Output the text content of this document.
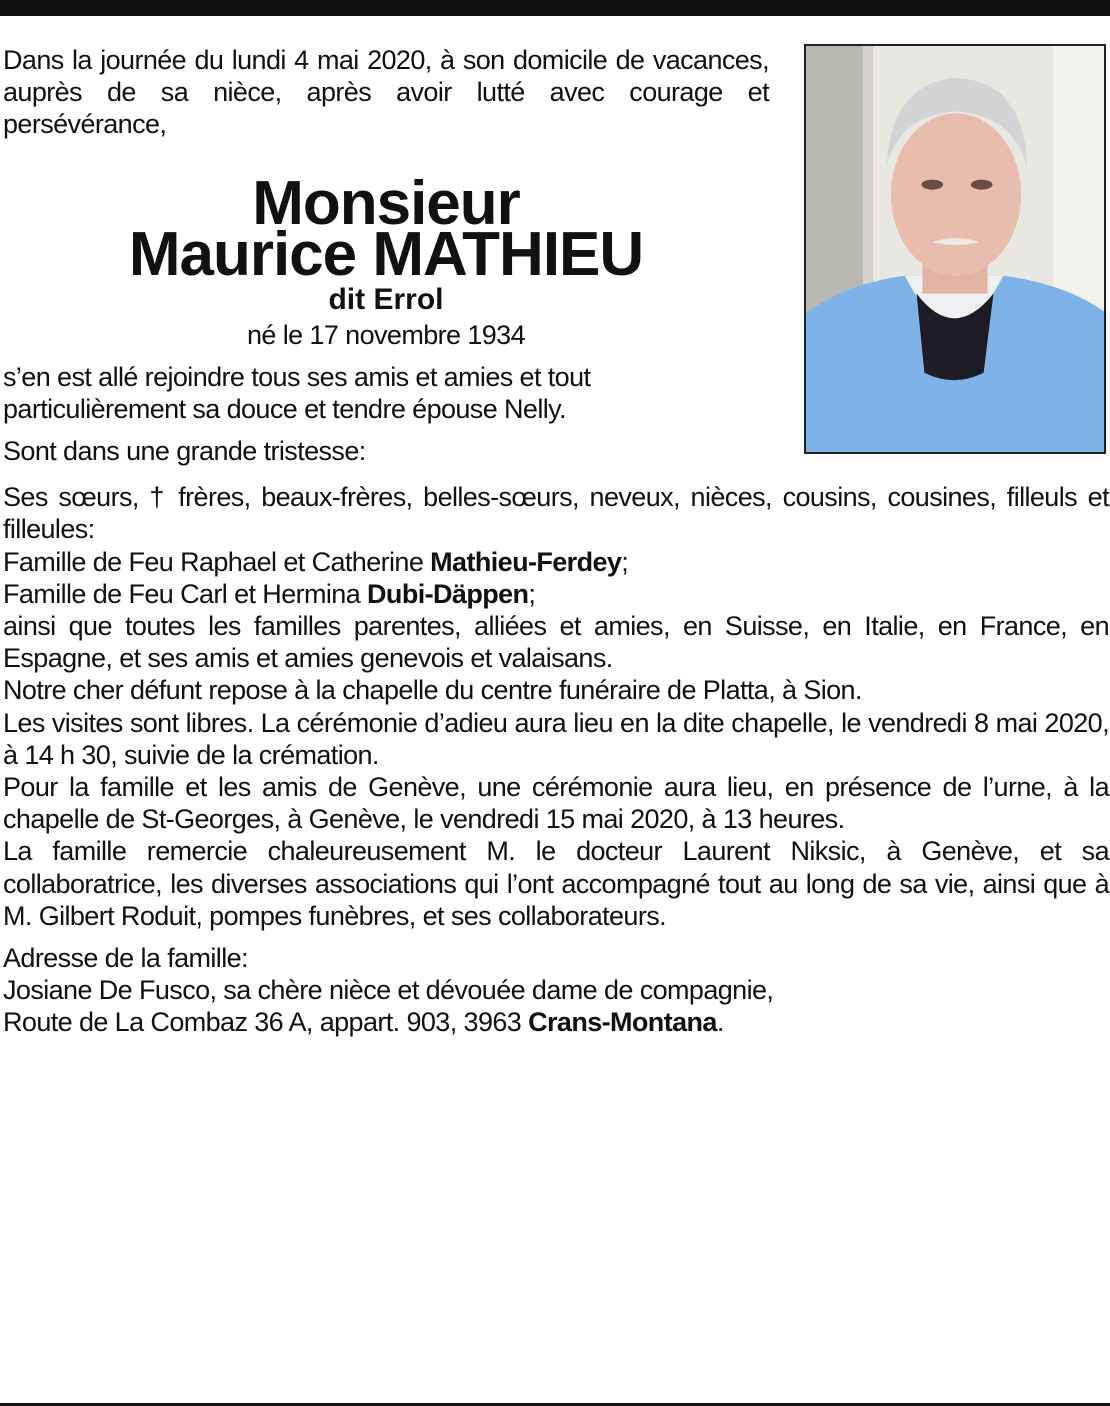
Dans la journée du lundi 4 mai 2020, à son domicile de vacances, auprès de sa nièce, après avoir lutté avec courage et persévérance,

Monsieur

Maurice MATHIEU

dit Errol

né le 17 novembre 1934

s’en est allé rejoindre tous ses amis et amies et tout particulièrement sa douce et tendre épouse Nelly.

Sont dans une grande tristesse:

Ses sœurs, † frères, beaux-frères, belles-sœurs, neveux, nièces, cousins, cousines, filleuls et filleules:

Famille de Feu Raphael et Catherine Mathieu-Ferdey;

Famille de Feu Carl et Hermina Dubi-Däppen;

ainsi que toutes les familles parentes, alliées et amies, en Suisse, en Italie, en France, en Espagne, et ses amis et amies genevois et valaisans.

Notre cher défunt repose à la chapelle du centre funéraire de Platta, à Sion.

Les visites sont libres. La cérémonie d’adieu aura lieu en la dite chapelle, le vendredi 8 mai 2020, à 14 h 30, suivie de la crémation.

Pour la famille et les amis de Genève, une cérémonie aura lieu, en présence de l’urne, à la chapelle de St-Georges, à Genève, le vendredi 15 mai 2020, à 13 heures.

La famille remercie chaleureusement M. le docteur Laurent Niksic, à Genève, et sa collaboratrice, les diverses associations qui l’ont accompagné tout au long de sa vie, ainsi que à M. Gilbert Roduit, pompes funèbres, et ses collaborateurs.

Adresse de la famille:

Josiane De Fusco, sa chère nièce et dévouée dame de compagnie,

Route de La Combaz 36 A, appart. 903, 3963 Crans-Montana.
